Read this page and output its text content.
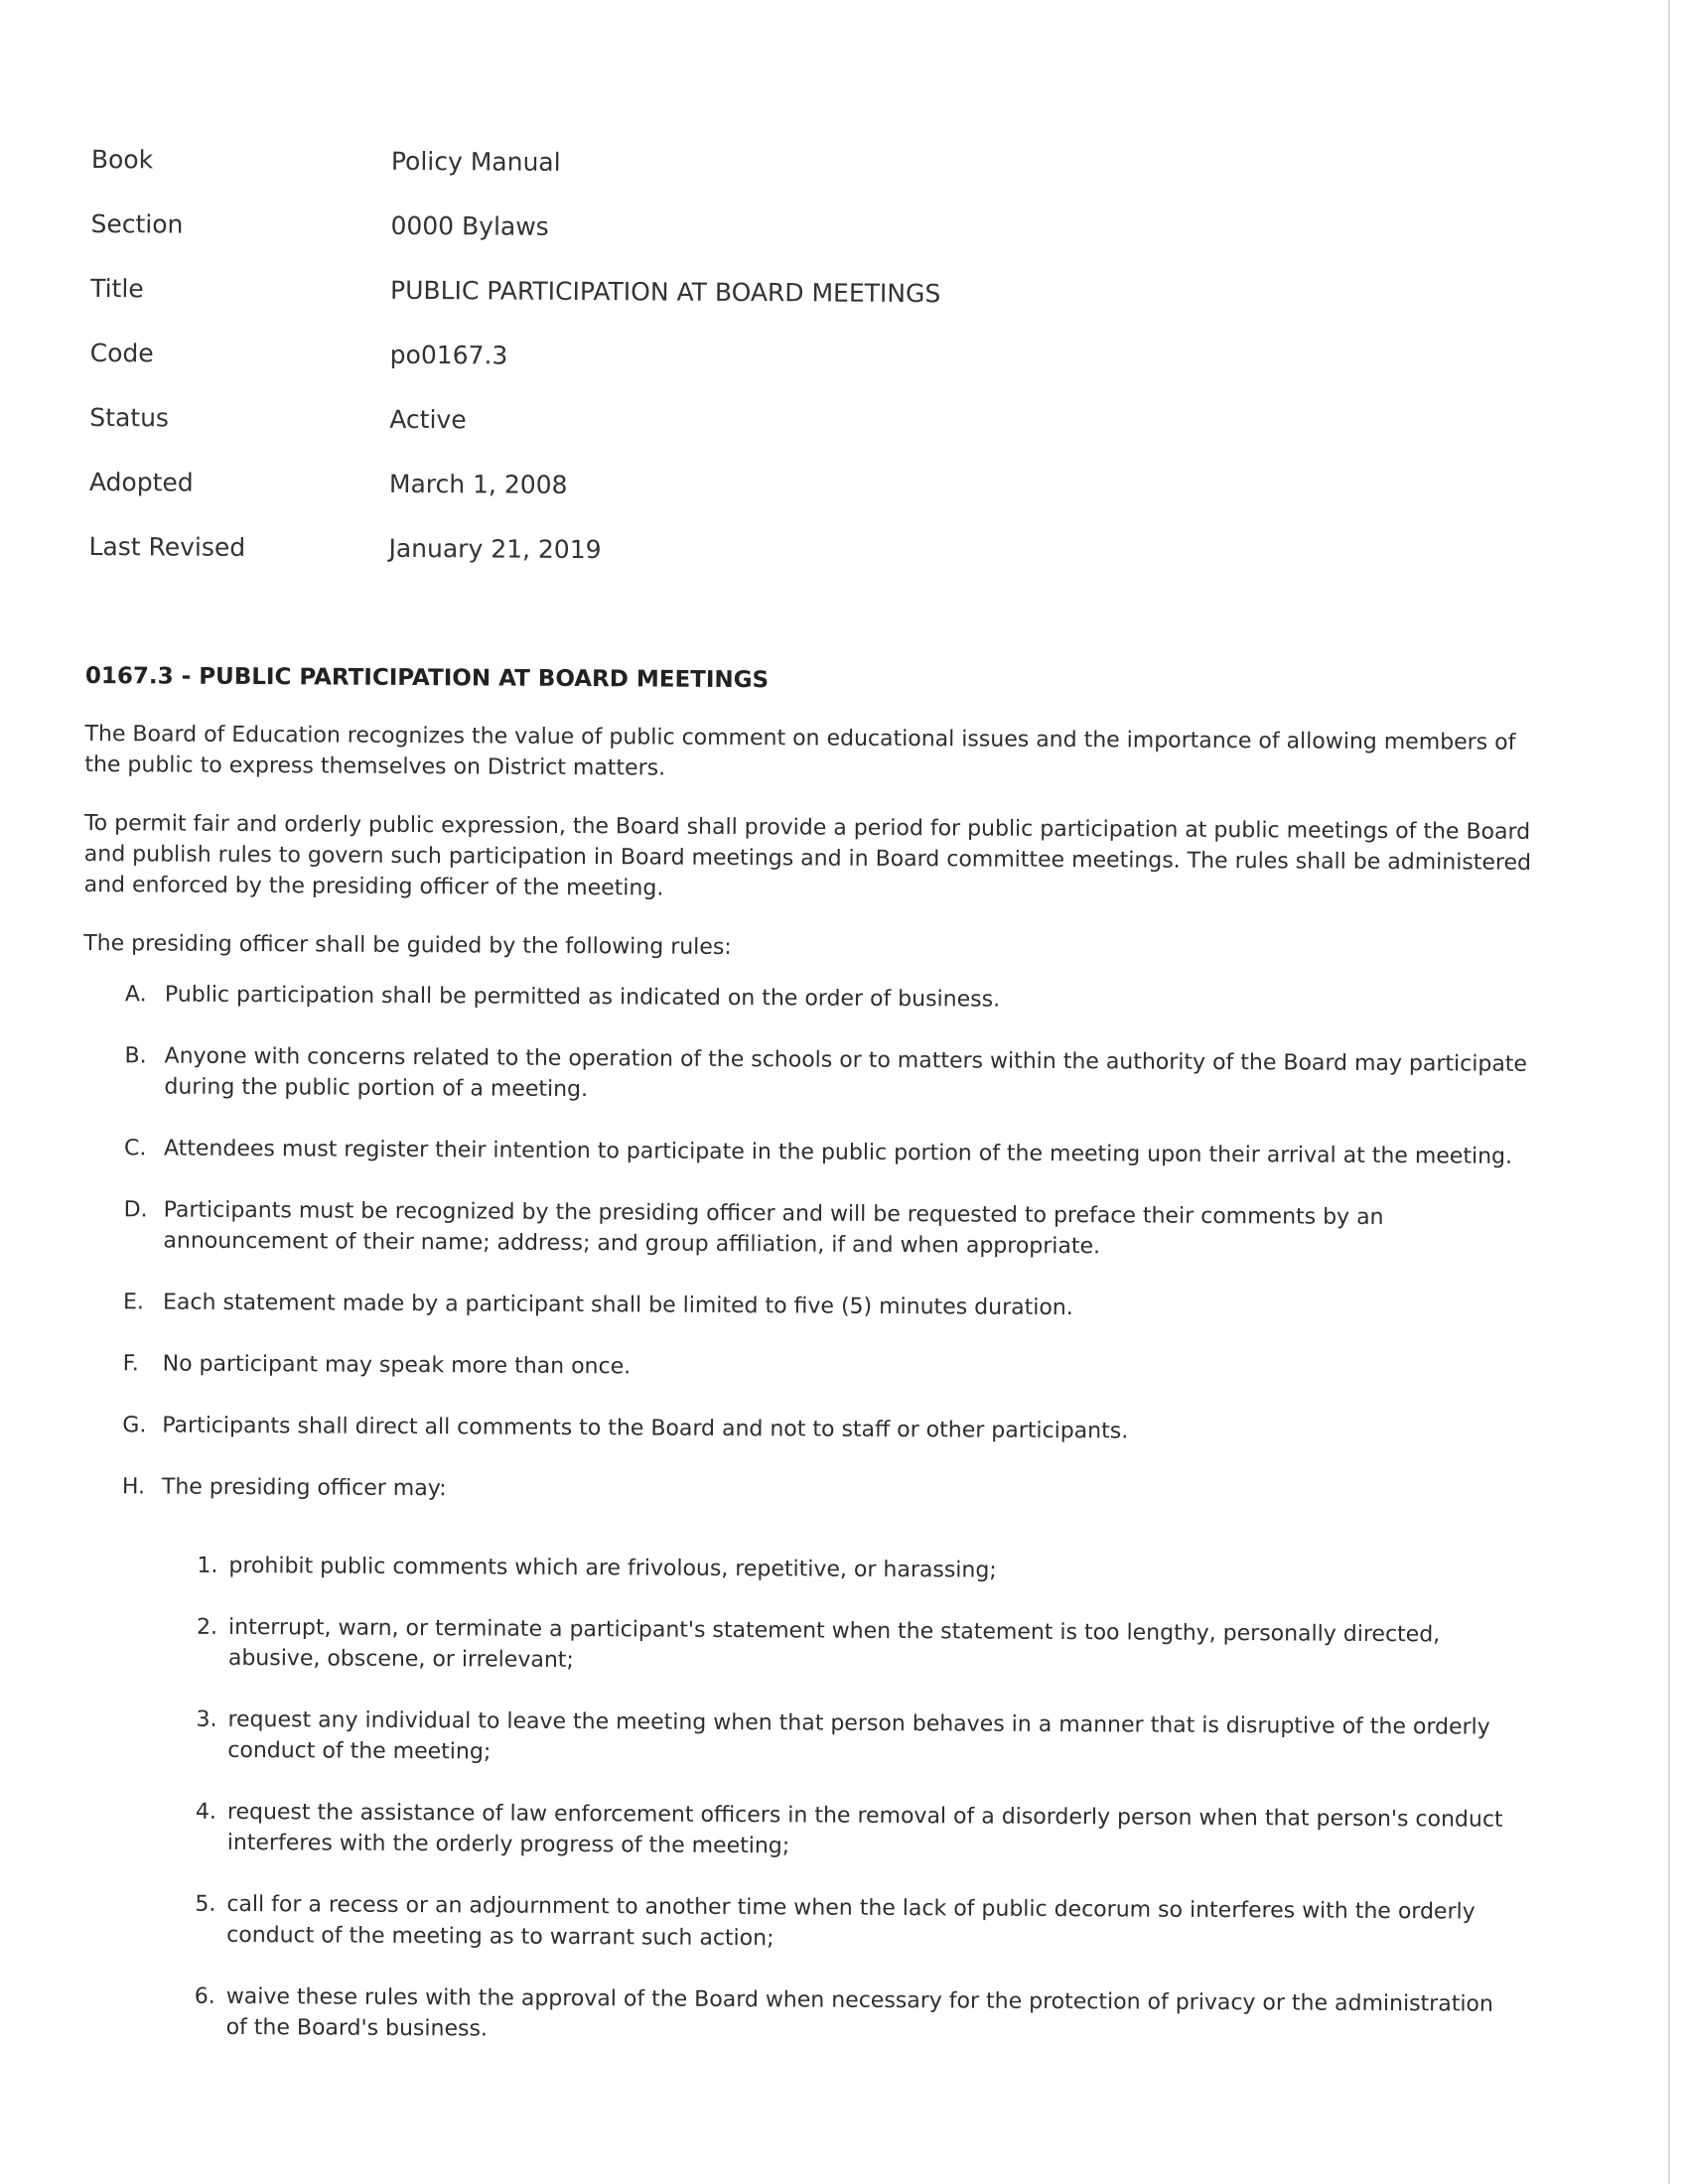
Book	Policy Manual
Section	0000 Bylaws
Title	PUBLIC PARTICIPATION AT BOARD MEETINGS
Code	po0167.3
Status	Active
Adopted	March 1, 2008
Last Revised	January 21, 2019
0167.3 - PUBLIC PARTICIPATION AT BOARD MEETINGS

The Board of Education recognizes the value of public comment on educational issues and the importance of allowing members of the public to express themselves on District matters.

To permit fair and orderly public expression, the Board shall provide a period for public participation at public meetings of the Board and publish rules to govern such participation in Board meetings and in Board committee meetings. The rules shall be administered and enforced by the presiding officer of the meeting.

The presiding officer shall be guided by the following rules:

A. Public participation shall be permitted as indicated on the order of business.
B. Anyone with concerns related to the operation of the schools or to matters within the authority of the Board may participate during the public portion of a meeting.
C. Attendees must register their intention to participate in the public portion of the meeting upon their arrival at the meeting.
D. Participants must be recognized by the presiding officer and will be requested to preface their comments by an announcement of their name; address; and group affiliation, if and when appropriate.
E. Each statement made by a participant shall be limited to five (5) minutes duration.
F.	No participant may speak more than once.
G. Participants shall direct all comments to the Board and not to staff or other participants.
H. The presiding officer may:
1. prohibit public comments which are frivolous, repetitive, or harassing;
2. interrupt, warn, or terminate a participant's statement when the statement is too lengthy, personally directed, abusive, obscene, or irrelevant;
3. request any individual to leave the meeting when that person behaves in a manner that is disruptive of the orderly conduct of the meeting;
4. request the assistance of law enforcement officers in the removal of a disorderly person when that person's conduct interferes with the orderly progress of the meeting;
5. call for a recess or an adjournment to another time when the lack of public decorum so interferes with the orderly conduct of the meeting as to warrant such action;
6. waive these rules with the approval of the Board when necessary for the protection of privacy or the administration of the Board's business.
